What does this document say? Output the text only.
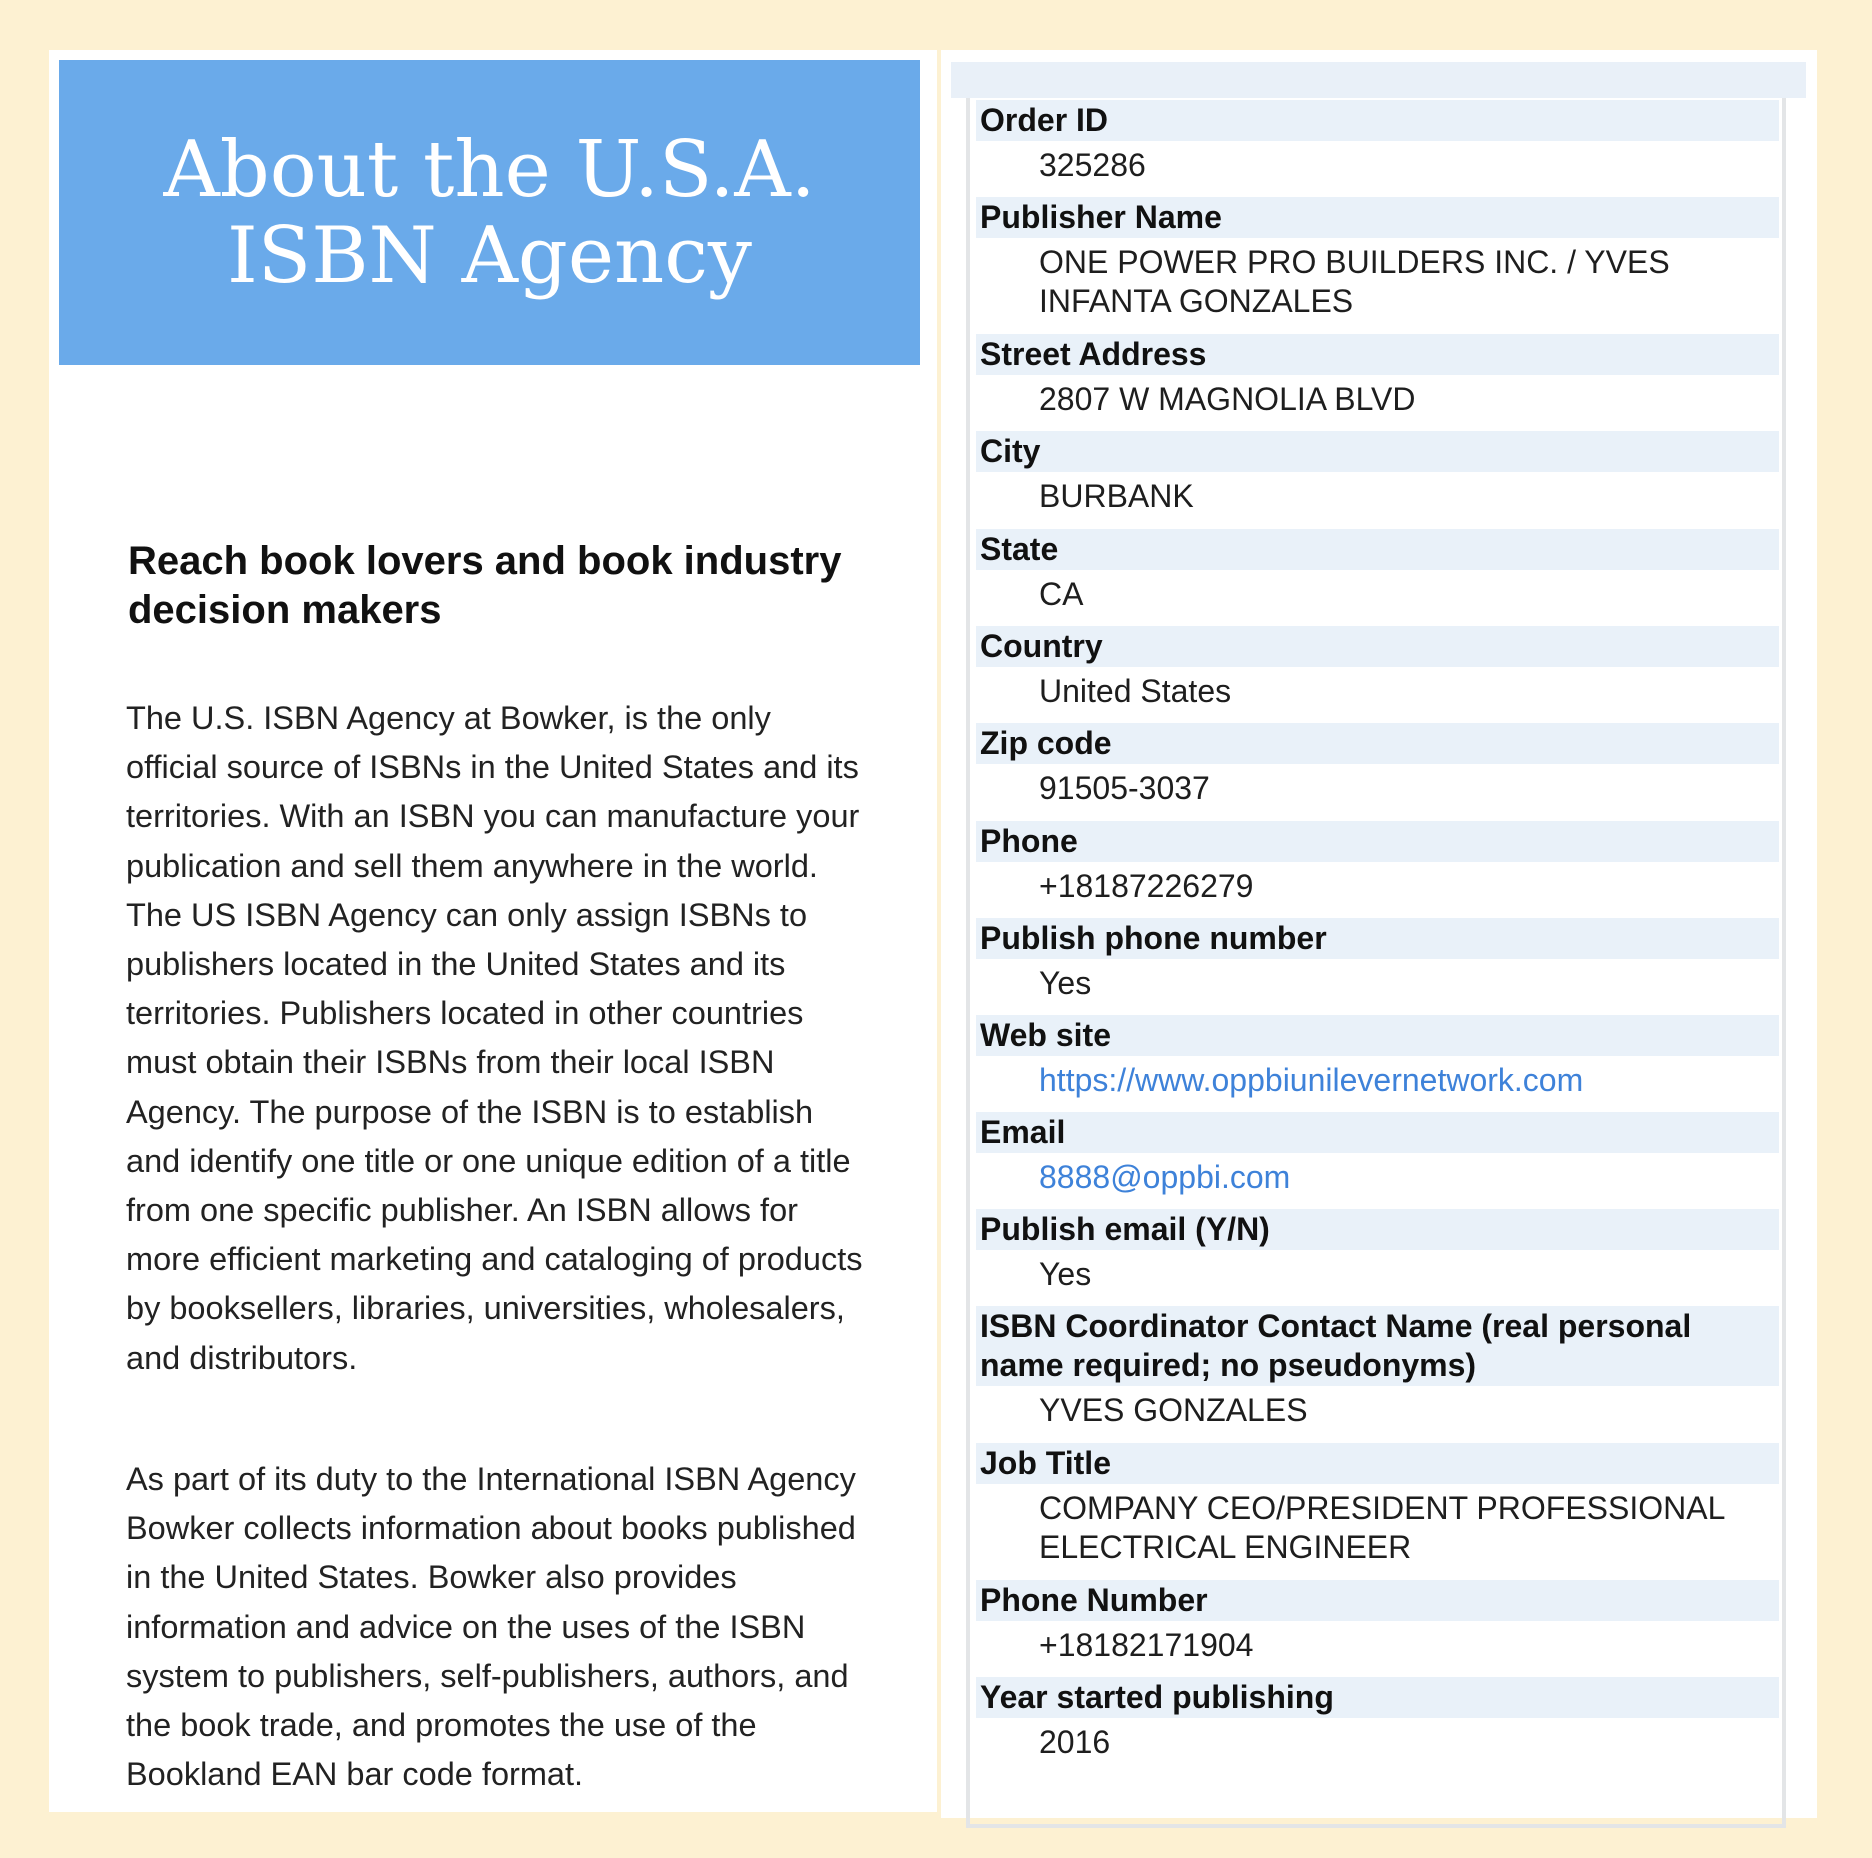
About the U.S.A.
ISBN Agency
Reach book lovers and book industry decision makers

The U.S. ISBN Agency at Bowker, is the only official source of ISBNs in the United States and its territories. With an ISBN you can manufacture your publication and sell them anywhere in the world. The US ISBN Agency can only assign ISBNs to publishers located in the United States and its territories. Publishers located in other countries must obtain their ISBNs from their local ISBN Agency. The purpose of the ISBN is to establish and identify one title or one unique edition of a title from one specific publisher. An ISBN allows for more efficient marketing and cataloging of products by booksellers, libraries, universities, wholesalers, and distributors.

As part of its duty to the International ISBN Agency Bowker collects information about books published in the United States. Bowker also provides information and advice on the uses of the ISBN system to publishers, self-publishers, authors, and the book trade, and promotes the use of the Bookland EAN bar code format.

Order ID
325286
Publisher Name
ONE POWER PRO BUILDERS INC. / YVES INFANTA GONZALES
Street Address
2807 W MAGNOLIA BLVD
City
BURBANK
State
CA
Country
United States
Zip code
91505-3037
Phone
+18187226279
Publish phone number
Yes
Web site
https://www.oppbiunilevernetwork.com
Email
8888@oppbi.com
Publish email (Y/N)
Yes
ISBN Coordinator Contact Name (real personal name required; no pseudonyms)
YVES GONZALES
Job Title
COMPANY CEO/PRESIDENT PROFESSIONAL ELECTRICAL ENGINEER
Phone Number
+18182171904
Year started publishing
2016
